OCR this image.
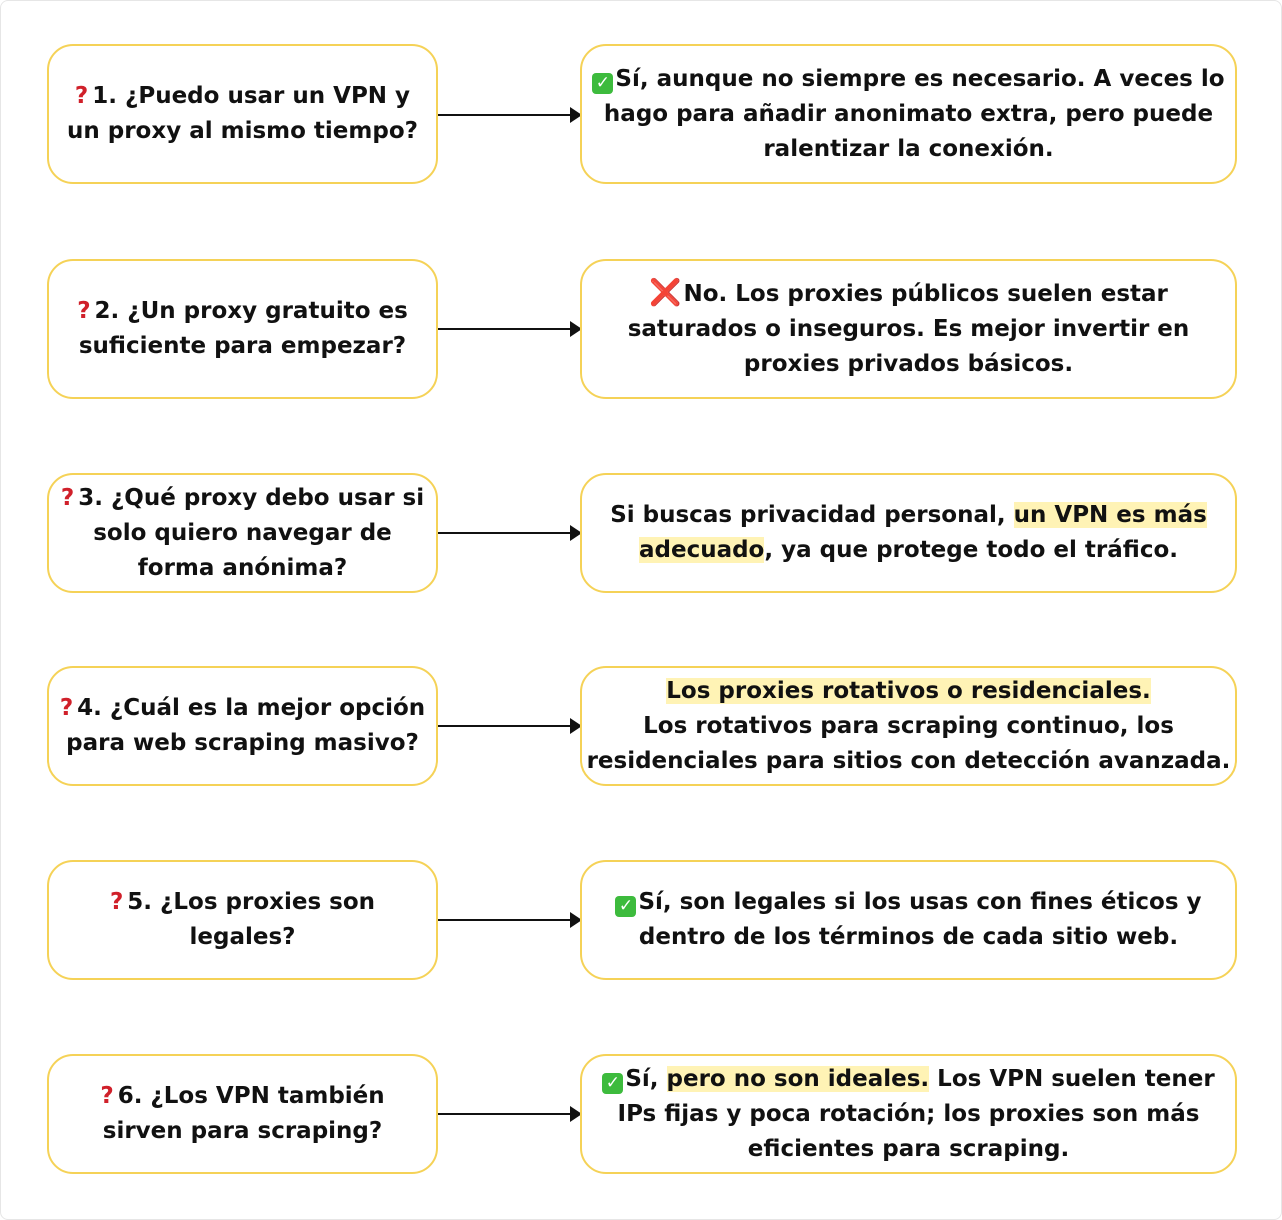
? 1. ¿Puedo usar un VPN y un proxy al mismo tiempo?
✓ Sí, aunque no siempre es necesario. A veces lo hago para añadir anonimato extra, pero puede ralentizar la conexión.
? 2. ¿Un proxy gratuito es suficiente para empezar?
❌No. Los proxies públicos suelen estar saturados o inseguros. Es mejor invertir en proxies privados básicos.
? 3. ¿Qué proxy debo usar si solo quiero navegar de forma anónima?
Si buscas privacidad personal, un VPN es más adecuado, ya que protege todo el tráfico.
? 4. ¿Cuál es la mejor opción para web scraping masivo?
Los proxies rotativos o residenciales.
Los rotativos para scraping continuo, los residenciales para sitios con detección avanzada.
? 5. ¿Los proxies son legales?
✓ Sí, son legales si los usas con fines éticos y dentro de los términos de cada sitio web.
? 6. ¿Los VPN también sirven para scraping?
✓ Sí, pero no son ideales. Los VPN suelen tener IPs fijas y poca rotación; los proxies son más eficientes para scraping.
